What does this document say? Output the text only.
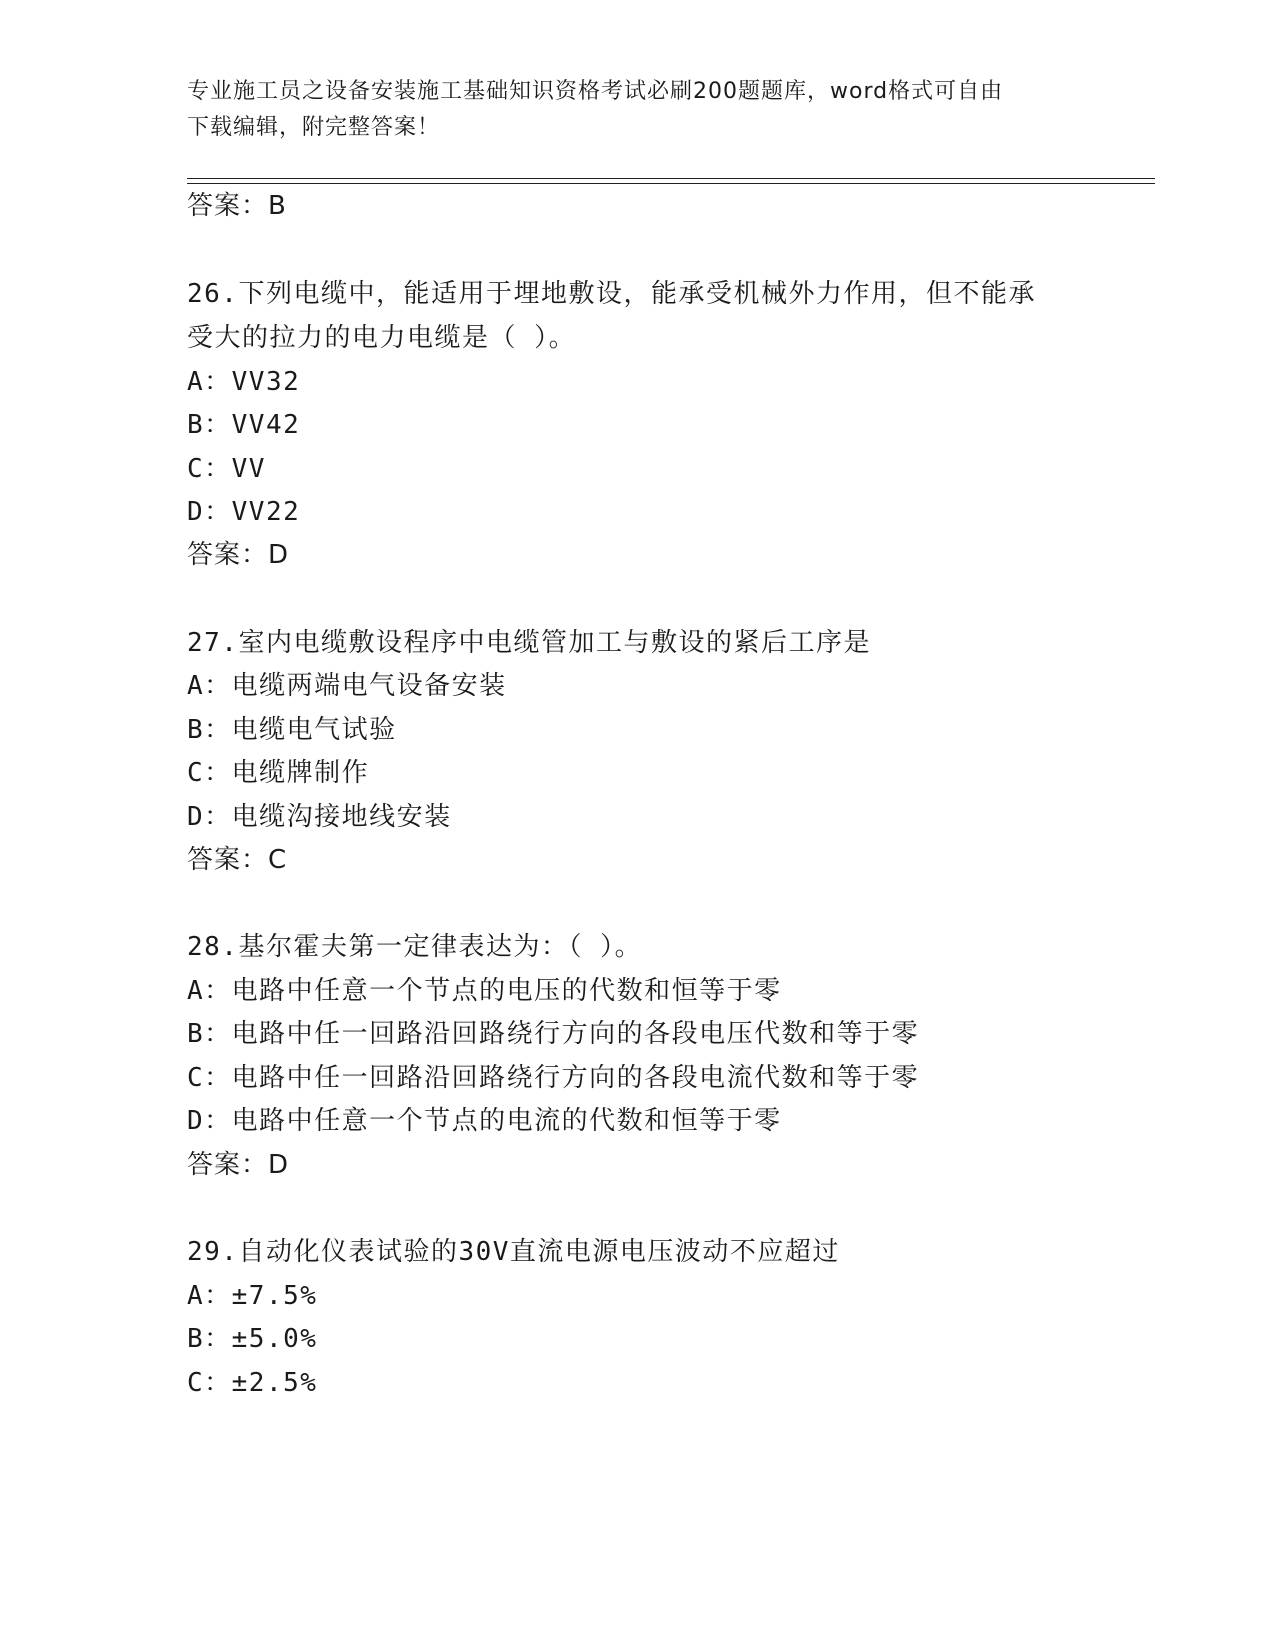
专业施工员之设备安装施工基础知识资格考试必刷200题题库，word格式可自由
下载编辑，附完整答案！
答案：B
26.下列电缆中，能适用于埋地敷设，能承受机械外力作用，但不能承
受大的拉力的电力电缆是（ ）。
A：VV32
B：VV42
C：VV
D：VV22
答案：D
27.室内电缆敷设程序中电缆管加工与敷设的紧后工序是
A：电缆两端电气设备安装
B：电缆电气试验
C：电缆牌制作
D：电缆沟接地线安装
答案：C
28.基尔霍夫第一定律表达为：（ ）。
A：电路中任意一个节点的电压的代数和恒等于零
B：电路中任一回路沿回路绕行方向的各段电压代数和等于零
C：电路中任一回路沿回路绕行方向的各段电流代数和等于零
D：电路中任意一个节点的电流的代数和恒等于零
答案：D
29.自动化仪表试验的30V直流电源电压波动不应超过
A：±7.5%
B：±5.0%
C：±2.5%
